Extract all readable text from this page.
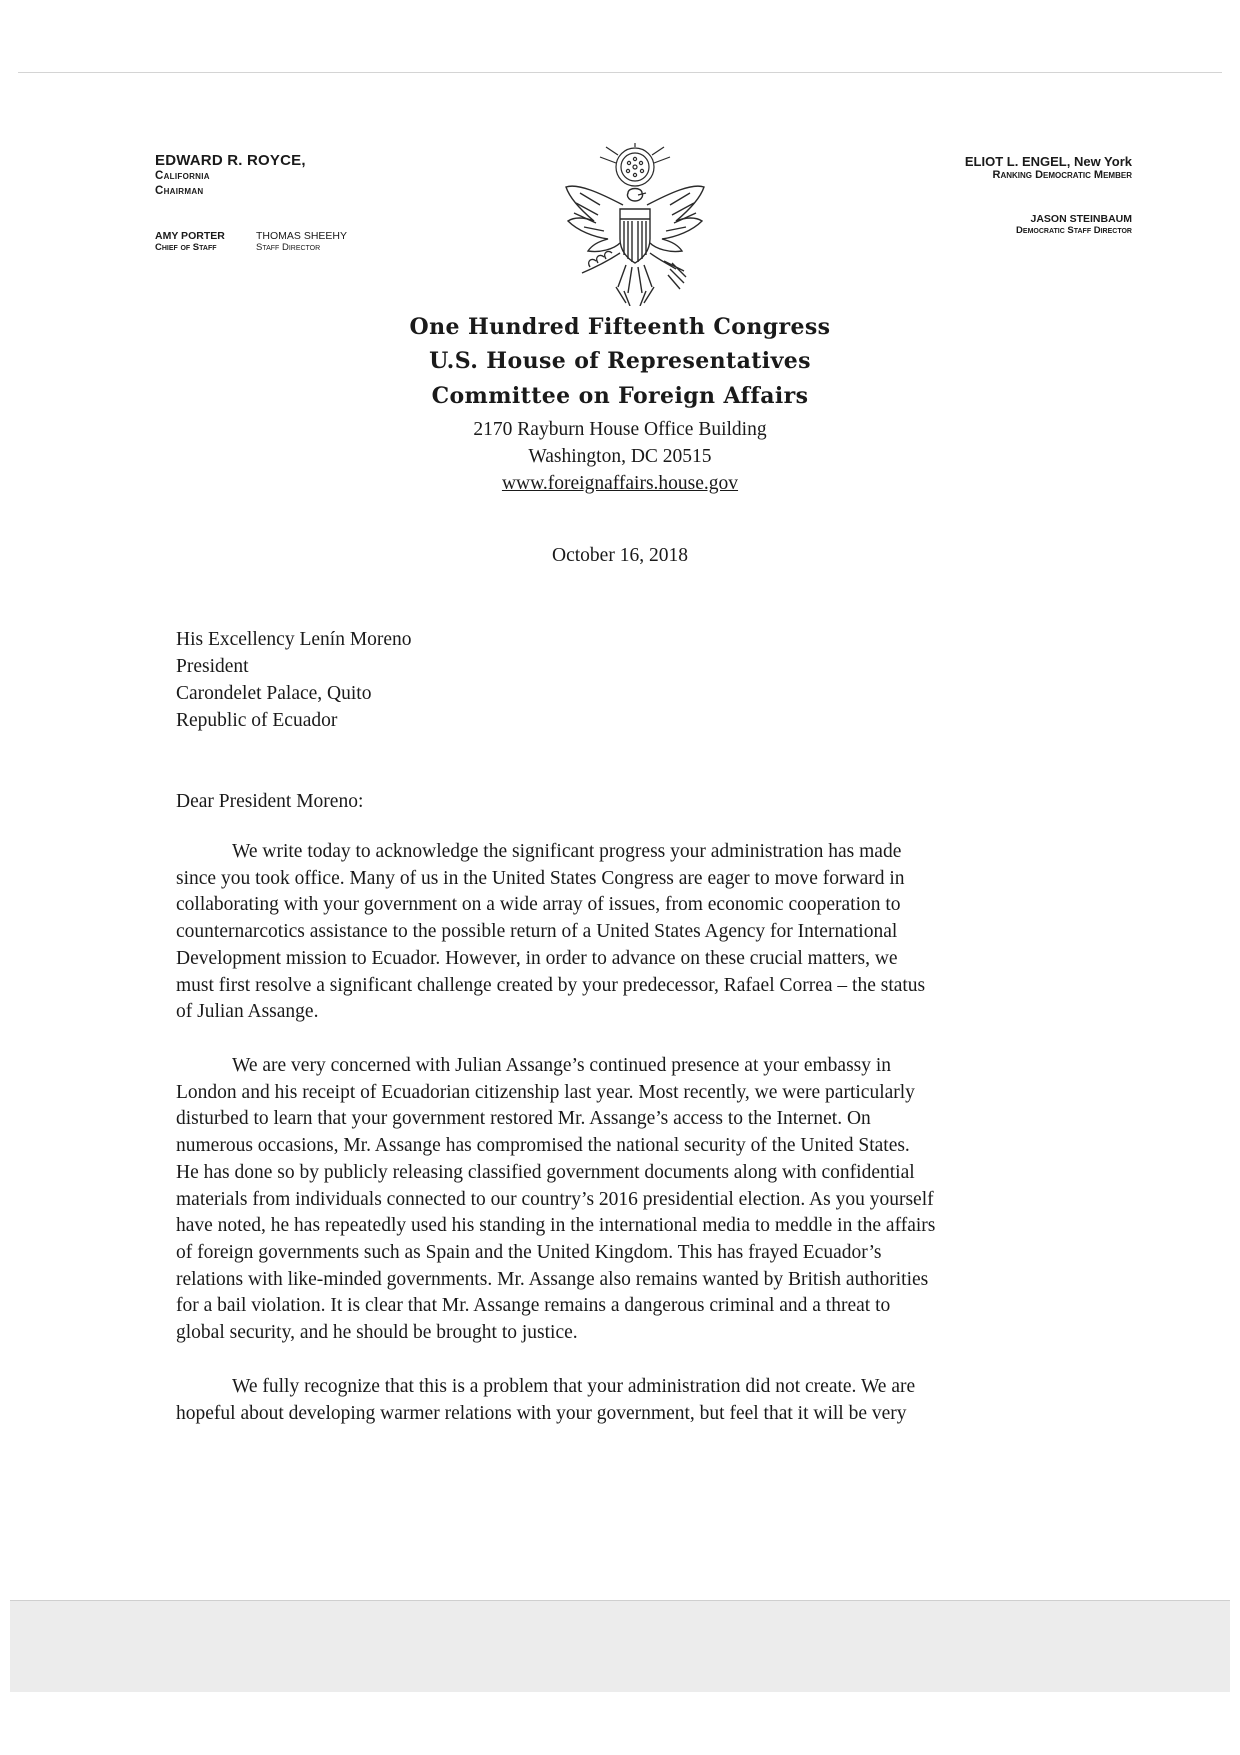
EDWARD R. ROYCE,
California
Chairman
AMY PORTER
Chief of Staff
THOMAS SHEEHY
Staff Director
ELIOT L. ENGEL, New York
Ranking Democratic Member
JASON STEINBAUM
Democratic Staff Director
One Hundred Fifteenth Congress
U.S. House of Representatives
Committee on Foreign Affairs
2170 Rayburn House Office Building
Washington, DC 20515
www.foreignaffairs.house.gov
October 16, 2018
His Excellency Lenín Moreno
President
Carondelet Palace, Quito
Republic of Ecuador
Dear President Moreno:
We write today to acknowledge the significant progress your administration has made
since you took office. Many of us in the United States Congress are eager to move forward in
collaborating with your government on a wide array of issues, from economic cooperation to
counternarcotics assistance to the possible return of a United States Agency for International
Development mission to Ecuador. However, in order to advance on these crucial matters, we
must first resolve a significant challenge created by your predecessor, Rafael Correa – the status
of Julian Assange.
We are very concerned with Julian Assange’s continued presence at your embassy in
London and his receipt of Ecuadorian citizenship last year. Most recently, we were particularly
disturbed to learn that your government restored Mr. Assange’s access to the Internet. On
numerous occasions, Mr. Assange has compromised the national security of the United States.
He has done so by publicly releasing classified government documents along with confidential
materials from individuals connected to our country’s 2016 presidential election. As you yourself
have noted, he has repeatedly used his standing in the international media to meddle in the affairs
of foreign governments such as Spain and the United Kingdom. This has frayed Ecuador’s
relations with like-minded governments. Mr. Assange also remains wanted by British authorities
for a bail violation. It is clear that Mr. Assange remains a dangerous criminal and a threat to
global security, and he should be brought to justice.
We fully recognize that this is a problem that your administration did not create. We are
hopeful about developing warmer relations with your government, but feel that it will be very
